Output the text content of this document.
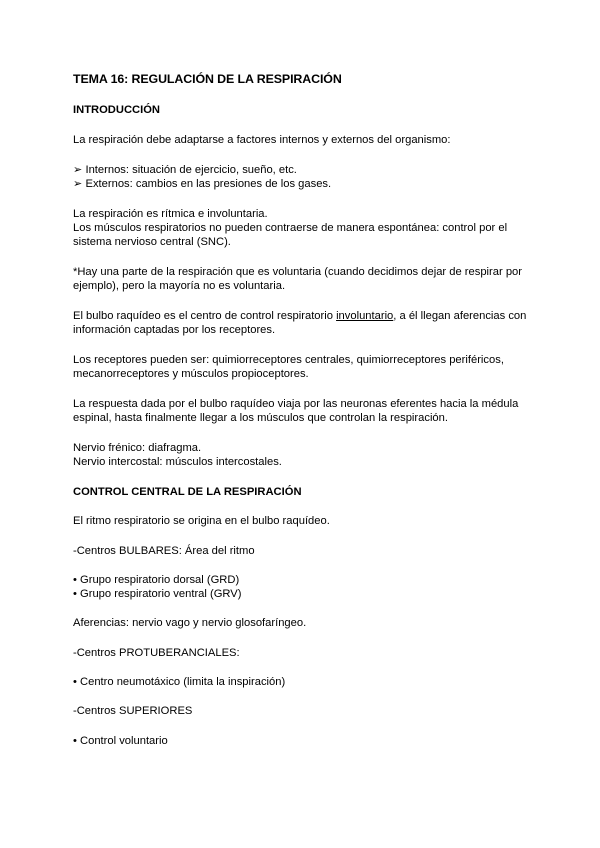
TEMA 16: REGULACIÓN DE LA RESPIRACIÓN
INTRODUCCIÓN
La respiración debe adaptarse a factores internos y externos del organismo:
➢ Internos: situación de ejercicio, sueño, etc.
➢ Externos: cambios en las presiones de los gases.
La respiración es rítmica e involuntaria.
Los músculos respiratorios no pueden contraerse de manera espontánea: control por el
sistema nervioso central (SNC).
*Hay una parte de la respiración que es voluntaria (cuando decidimos dejar de respirar por
ejemplo), pero la mayoría no es voluntaria.
El bulbo raquídeo es el centro de control respiratorio involuntario, a él llegan aferencias con
información captadas por los receptores.
Los receptores pueden ser: quimiorreceptores centrales, quimiorreceptores periféricos,
mecanorreceptores y músculos propioceptores.
La respuesta dada por el bulbo raquídeo viaja por las neuronas eferentes hacia la médula
espinal, hasta finalmente llegar a los músculos que controlan la respiración.
Nervio frénico: diafragma.
Nervio intercostal: músculos intercostales.
CONTROL CENTRAL DE LA RESPIRACIÓN
El ritmo respiratorio se origina en el bulbo raquídeo.
-Centros BULBARES: Área del ritmo
• Grupo respiratorio dorsal (GRD)
• Grupo respiratorio ventral (GRV)
Aferencias: nervio vago y nervio glosofaríngeo.
-Centros PROTUBERANCIALES:
• Centro neumotáxico (limita la inspiración)
-Centros SUPERIORES
• Control voluntario
